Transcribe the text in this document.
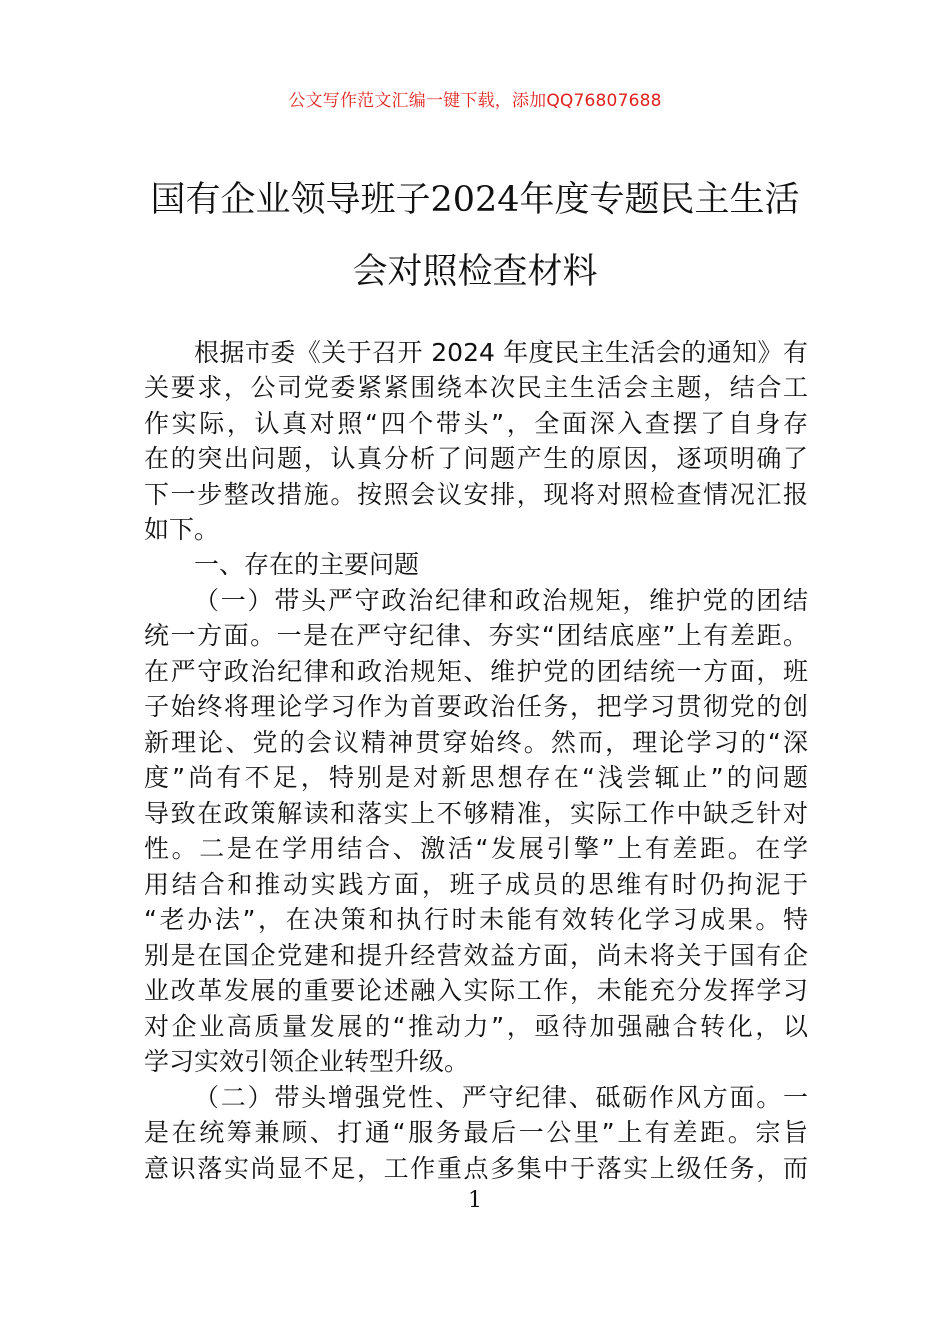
公文写作范文汇编一键下载，添加QQ76807688
国有企业领导班子2024年度专题民主生活
会对照检查材料
根据市委《关于召开 2024 年度民主生活会的通知》有
关要求，公司党委紧紧围绕本次民主生活会主题，结合工
作实际，认真对照“四个带头”，全面深入查摆了自身存
在的突出问题，认真分析了问题产生的原因，逐项明确了
下一步整改措施。按照会议安排，现将对照检查情况汇报
如下。
一、存在的主要问题
（一）带头严守政治纪律和政治规矩，维护党的团结
统一方面。一是在严守纪律、夯实“团结底座”上有差距。
在严守政治纪律和政治规矩、维护党的团结统一方面，班
子始终将理论学习作为首要政治任务，把学习贯彻党的创
新理论、党的会议精神贯穿始终。然而，理论学习的“深
度”尚有不足，特别是对新思想存在“浅尝辄止”的问题
导致在政策解读和落实上不够精准，实际工作中缺乏针对
性。二是在学用结合、激活“发展引擎”上有差距。在学
用结合和推动实践方面，班子成员的思维有时仍拘泥于
“老办法”，在决策和执行时未能有效转化学习成果。特
别是在国企党建和提升经营效益方面，尚未将关于国有企
业改革发展的重要论述融入实际工作，未能充分发挥学习
对企业高质量发展的“推动力”，亟待加强融合转化，以
学习实效引领企业转型升级。
（二）带头增强党性、严守纪律、砥砺作风方面。一
是在统筹兼顾、打通“服务最后一公里”上有差距。宗旨
意识落实尚显不足，工作重点多集中于落实上级任务，而
1
